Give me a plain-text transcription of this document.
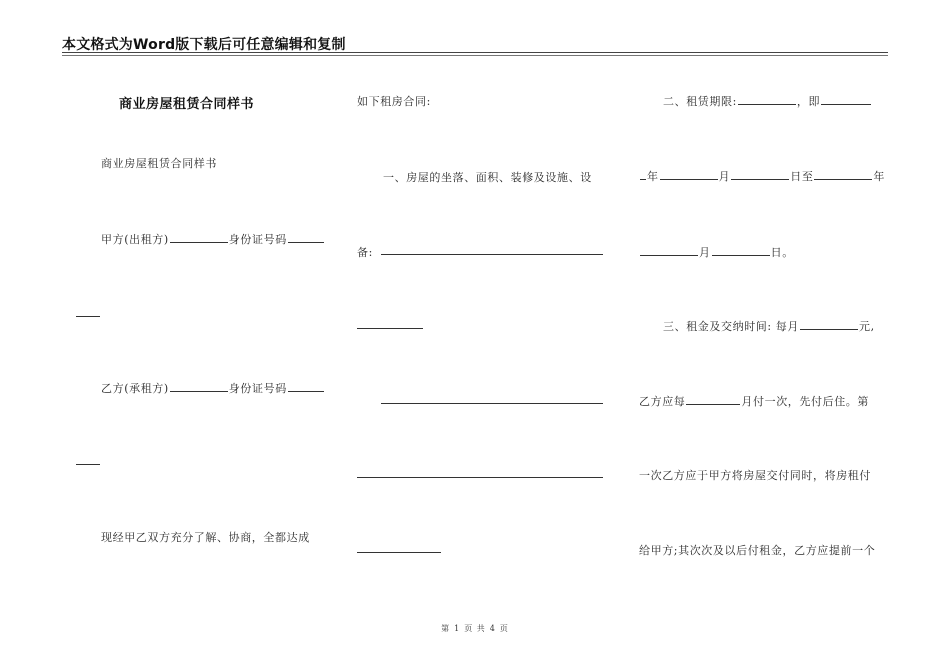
本文格式为Word版下载后可任意编辑和复制
商业房屋租赁合同样书
商业房屋租赁合同样书
甲方(出租方)	身份证号码
乙方(承租方)	身份证号码
现经甲乙双方充分了解、协商，全都达成
如下租房合同:
一、房屋的坐落、面积、装修及设施、设
备:
二、租赁期限:	，即
年	月	日至	年
月	日。
三、租金及交纳时间: 每月	元,
乙方应每	月付一次，先付后住。第
一次乙方应于甲方将房屋交付同时，将房租付
给甲方;其次次及以后付租金，乙方应提前一个
第 1 页 共 4 页
